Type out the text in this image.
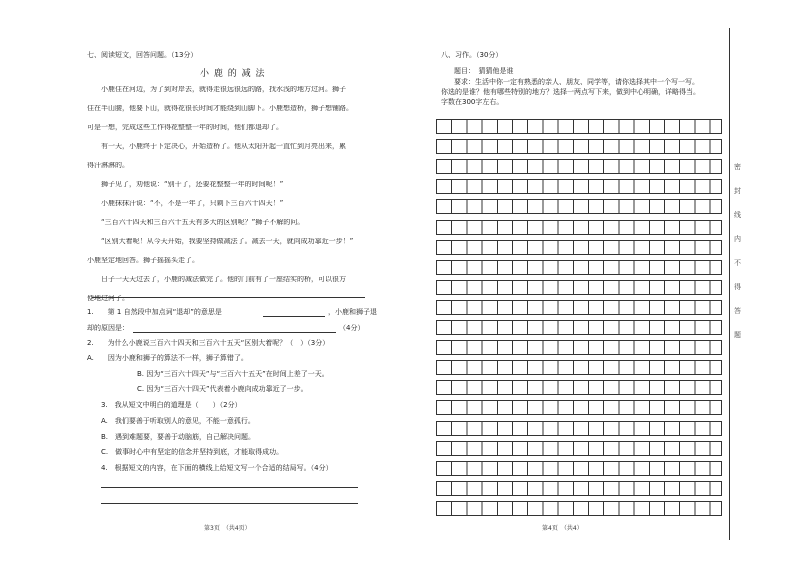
七、阅读短文，回答问题。（13分）
小 鹿 的 减 法
小鹿住在河边，为了到对岸去，就得走很远很远的路，找水浅的地方过河。狮子
住在半山腰，他要下山，就得花很长时间才能绕到山脚下。小鹿想造桥，狮子想铺路。
可是一想，完成这些工作得花整整一年的时间，他们都退却了。
有一天，小鹿终于下定决心，开始造桥了。他从太阳升起一直忙到月亮出来，累
得汗淋淋的。
狮子见了，劝他说：“别干了，还要花整整一年的时间呢！”
小鹿抹抹汗说：“不，不是一年了，只剩下三百六十四天！”
“三百六十四天和三百六十五天有多大的区别呢？”狮子不解的问。
“区别大着呢！从今天开始，我要坚持做减法了。减去一天，就向成功靠近一步！”
小鹿坚定地回答。狮子摇摇头走了。
日子一天天过去了，小鹿的减法做完了。他的门前有了一座结实的桥，可以很方
便地过河了。
1.　　第 1 自然段中加点词“退却”的意思是	，小鹿和狮子退
却的原因是：	（4分）
2.　　为什么小鹿说三百六十四天和三百六十五天“区别大着呢？（　）（3分）
A.　　因为小鹿和狮子的算法不一样，狮子算错了。
B. 因为“三百六十四天”与“三百六十五天”在时间上差了一天。
C. 因为“三百六十四天”代表着小鹿向成功靠近了一步。
3.　我从短文中明白的道理是（　　）（2分）
A.　我们要善于听取别人的意见，不能一意孤行。
B.　遇到难题要，要善于动脑筋，自己解决问题。
C.　做事时心中有坚定的信念并坚持到底，才能取得成功。
4.　根据短文的内容，在下面的横线上给短文写一个合适的结局写。（4分）
第3页　（共4页）
八、习作。（30分）
题目：　猜猜他是谁
要求：生活中你一定有熟悉的亲人、朋友、同学等，请你选择其中一个写一写。
你选的是谁？他有哪些特别的地方？选择一两点写下来，做到中心明确，详略得当。
字数在300字左右。
第4页　（共4）
密
封
线
内
不
得
答
题
